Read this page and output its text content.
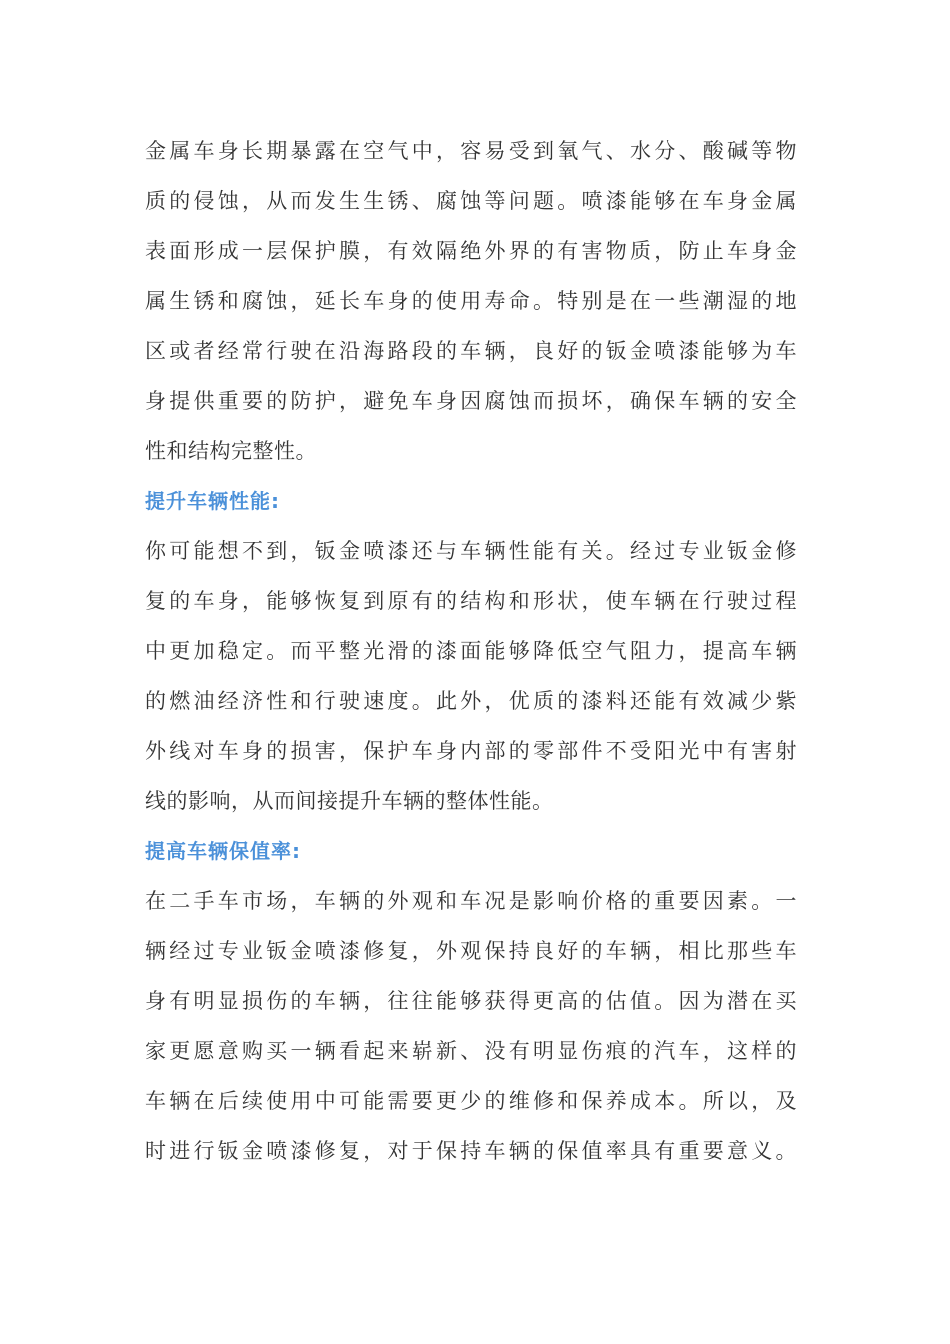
金属车身长期暴露在空气中，容易受到氧气、水分、酸碱等物
质的侵蚀，从而发生生锈、腐蚀等问题。喷漆能够在车身金属
表面形成一层保护膜，有效隔绝外界的有害物质，防止车身金
属生锈和腐蚀，延长车身的使用寿命。特别是在一些潮湿的地
区或者经常行驶在沿海路段的车辆，良好的钣金喷漆能够为车
身提供重要的防护，避免车身因腐蚀而损坏，确保车辆的安全
性和结构完整性。
提升车辆性能:
你可能想不到，钣金喷漆还与车辆性能有关。经过专业钣金修
复的车身，能够恢复到原有的结构和形状，使车辆在行驶过程
中更加稳定。而平整光滑的漆面能够降低空气阻力，提高车辆
的燃油经济性和行驶速度。此外，优质的漆料还能有效减少紫
外线对车身的损害，保护车身内部的零部件不受阳光中有害射
线的影响，从而间接提升车辆的整体性能。
提高车辆保值率:
在二手车市场，车辆的外观和车况是影响价格的重要因素。一
辆经过专业钣金喷漆修复，外观保持良好的车辆，相比那些车
身有明显损伤的车辆，往往能够获得更高的估值。因为潜在买
家更愿意购买一辆看起来崭新、没有明显伤痕的汽车，这样的
车辆在后续使用中可能需要更少的维修和保养成本。所以，及
时进行钣金喷漆修复，对于保持车辆的保值率具有重要意义。
